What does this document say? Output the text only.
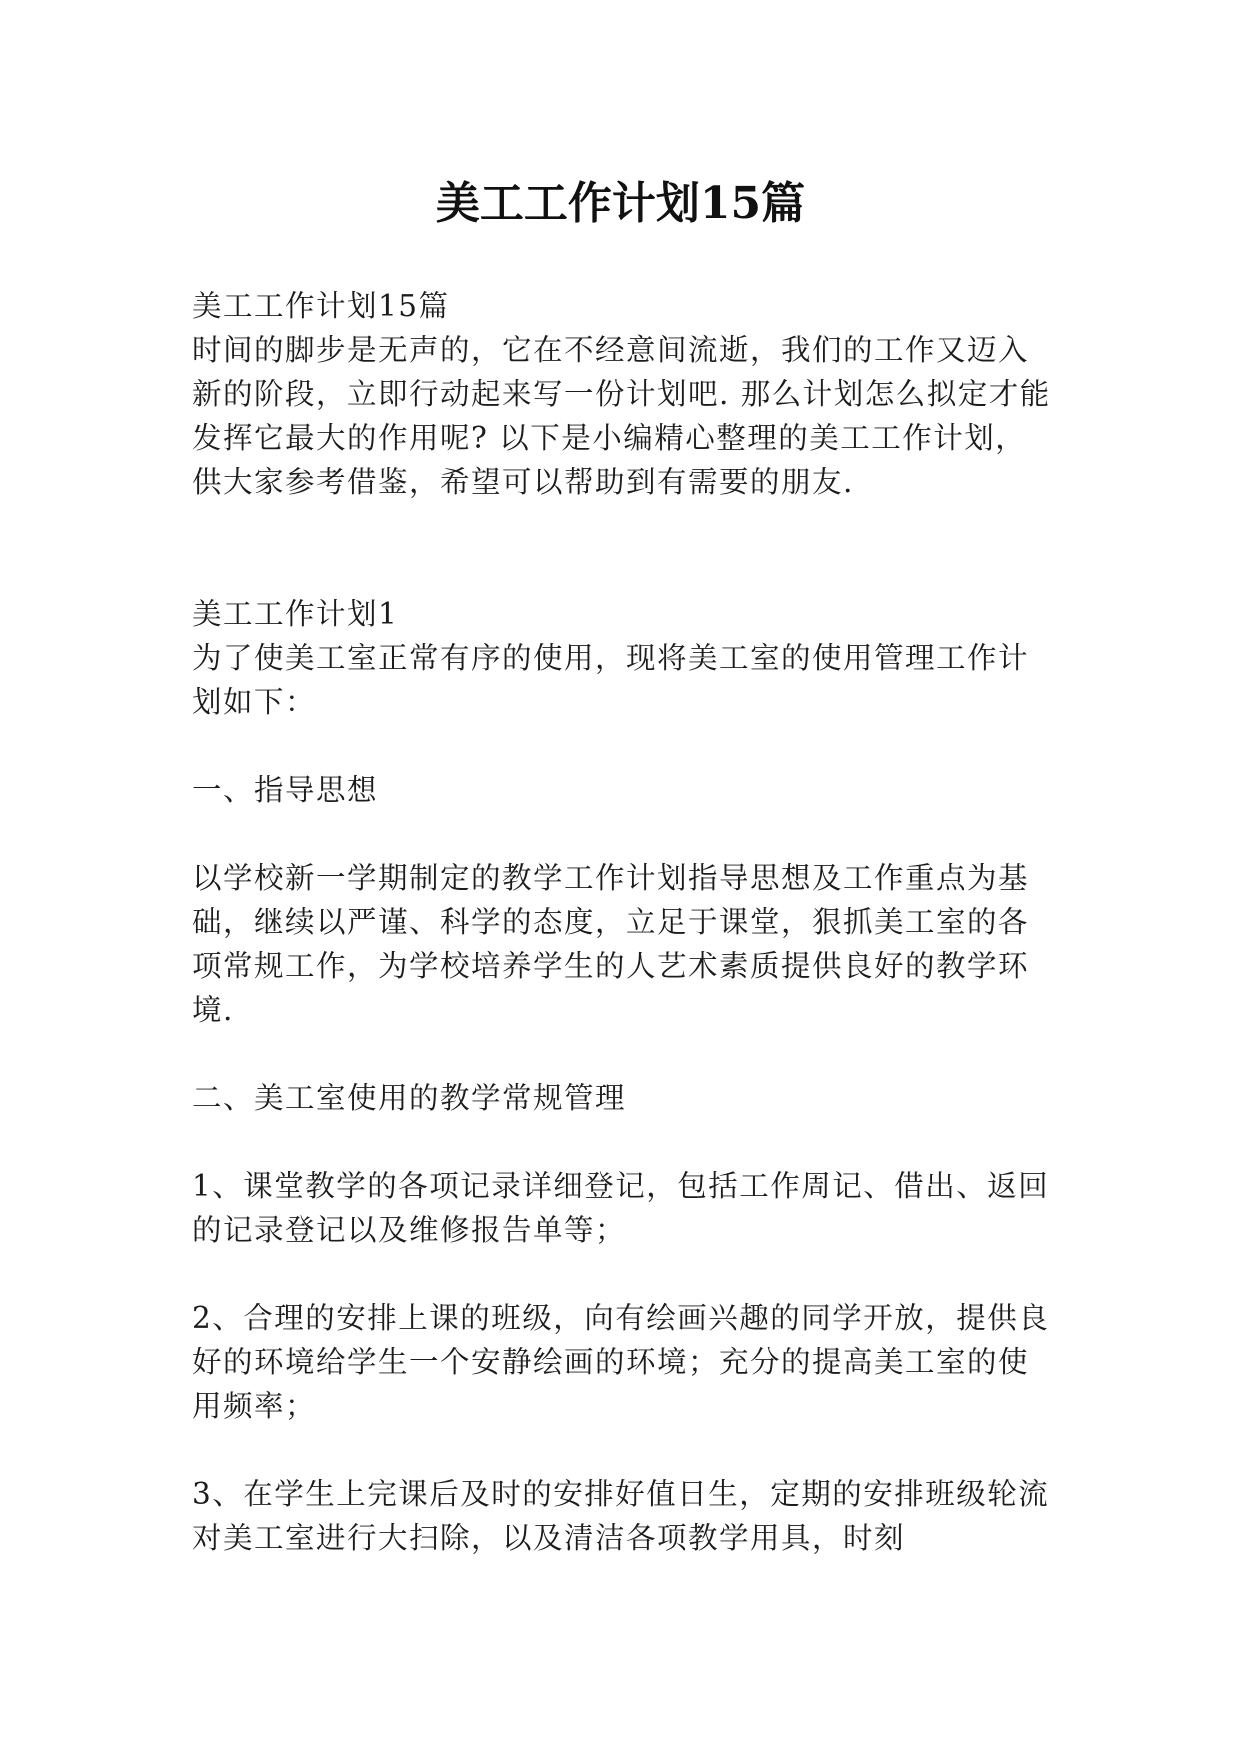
美工工作计划15篇

美工工作计划15篇

时间的脚步是无声的，它在不经意间流逝，我们的工作又迈入新的阶段，立即行动起来写一份计划吧. 那么计划怎么拟定才能发挥它最大的作用呢? 以下是小编精心整理的美工工作计划，供大家参考借鉴，希望可以帮助到有需要的朋友.

美工工作计划1

为了使美工室正常有序的使用，现将美工室的使用管理工作计划如下：

一、指导思想

以学校新一学期制定的教学工作计划指导思想及工作重点为基础，继续以严谨、科学的态度，立足于课堂，狠抓美工室的各项常规工作，为学校培养学生的人艺术素质提供良好的教学环境.

二、美工室使用的教学常规管理

1、课堂教学的各项记录详细登记，包括工作周记、借出、返回的记录登记以及维修报告单等；

2、合理的安排上课的班级，向有绘画兴趣的同学开放，提供良好的环境给学生一个安静绘画的环境；充分的提高美工室的使用频率；

3、在学生上完课后及时的安排好值日生，定期的安排班级轮流对美工室进行大扫除，以及清洁各项教学用具，时刻
